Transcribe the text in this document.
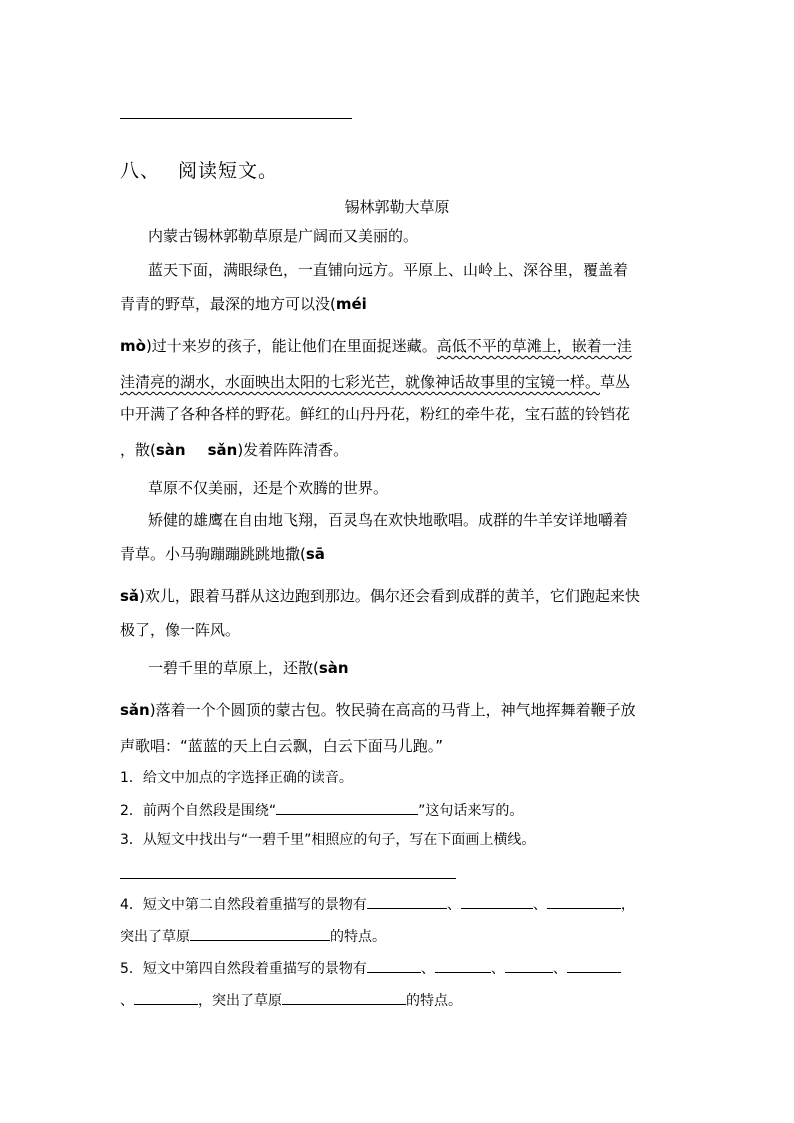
八、 阅读短文。
锡林郭勒大草原
内蒙古锡林郭勒草原是广阔而又美丽的。
蓝天下面，满眼绿色，一直铺向远方。平原上、山岭上、深谷里，覆盖着
青青的野草，最深的地方可以没(méi
mò)过十来岁的孩子，能让他们在里面捉迷藏。高低不平的草滩上，嵌着一洼
洼清亮的湖水，水面映出太阳的七彩光芒，就像神话故事里的宝镜一样。草丛
中开满了各种各样的野花。鲜红的山丹丹花，粉红的牵牛花，宝石蓝的铃铛花
，散(sàn sǎn)发着阵阵清香。
草原不仅美丽，还是个欢腾的世界。
矫健的雄鹰在自由地飞翔，百灵鸟在欢快地歌唱。成群的牛羊安详地嚼着
青草。小马驹蹦蹦跳跳地撒(sā
sǎ)欢儿，跟着马群从这边跑到那边。偶尔还会看到成群的黄羊，它们跑起来快
极了，像一阵风。
一碧千里的草原上，还散(sàn
sǎn)落着一个个圆顶的蒙古包。牧民骑在高高的马背上，神气地挥舞着鞭子放
声歌唱：“蓝蓝的天上白云飘，白云下面马儿跑。”
1．给文中加点的字选择正确的读音。
2．前两个自然段是围绕“	”这句话来写的。
3．从短文中找出与“一碧千里”相照应的句子，写在下面画上横线。
4．短文中第二自然段着重描写的景物有	、	、	，
突出了草原	的特点。
5．短文中第四自然段着重描写的景物有	、	、	、
、	，突出了草原	的特点。
